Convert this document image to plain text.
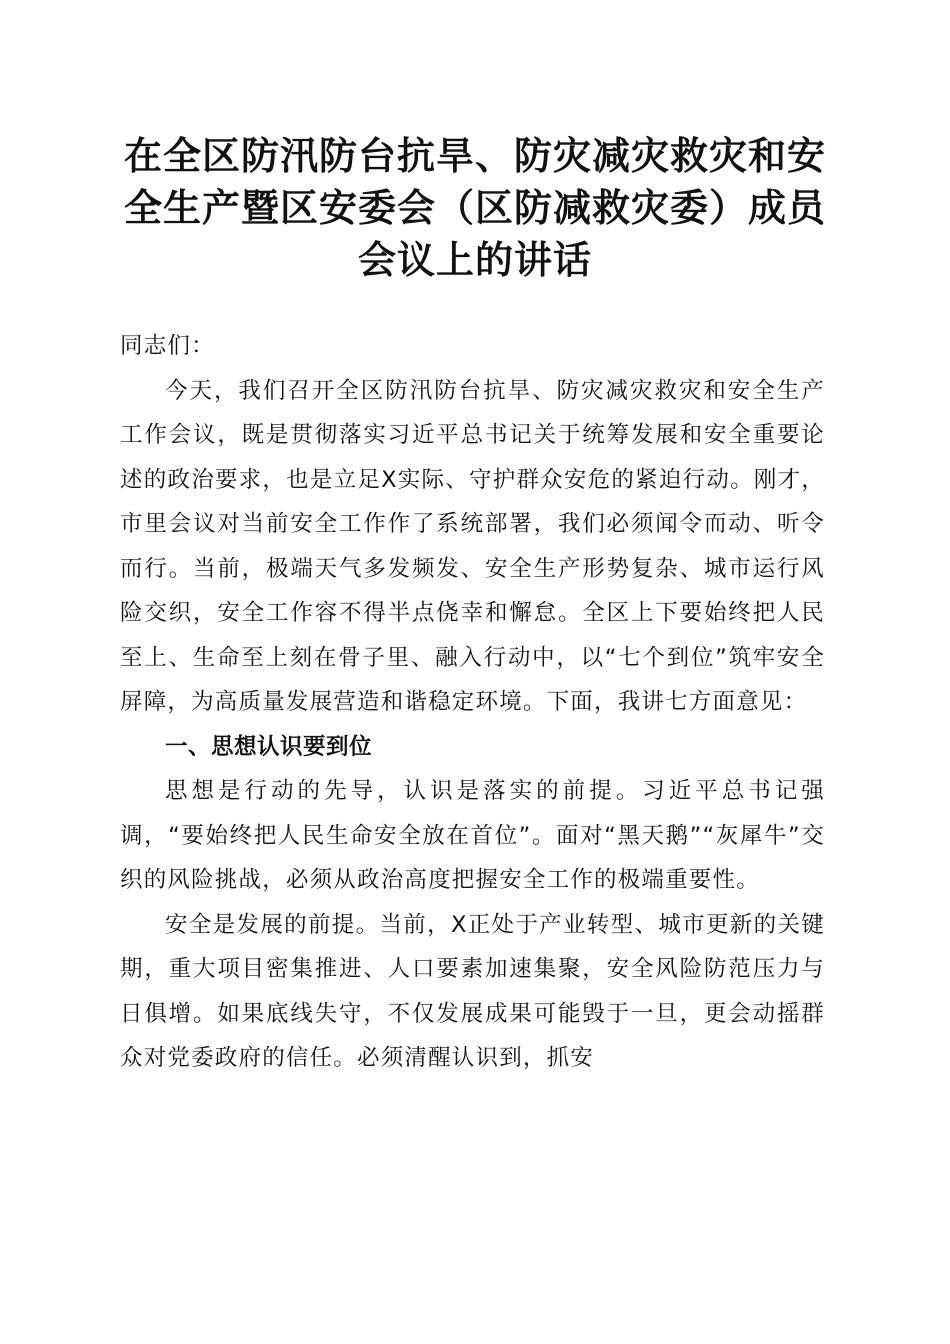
在全区防汛防台抗旱、防灾减灾救灾和安全生产暨区安委会（区防减救灾委）成员会议上的讲话

同志们：

今天，我们召开全区防汛防台抗旱、防灾减灾救灾和安全生产工作会议，既是贯彻落实习近平总书记关于统筹发展和安全重要论述的政治要求，也是立足X实际、守护群众安危的紧迫行动。刚才，市里会议对当前安全工作作了系统部署，我们必须闻令而动、听令而行。当前，极端天气多发频发、安全生产形势复杂、城市运行风险交织，安全工作容不得半点侥幸和懈怠。全区上下要始终把人民至上、生命至上刻在骨子里、融入行动中，以“七个到位”筑牢安全屏障，为高质量发展营造和谐稳定环境。下面，我讲七方面意见：

一、思想认识要到位

思想是行动的先导，认识是落实的前提。习近平总书记强调，“要始终把人民生命安全放在首位”。面对“黑天鹅”“灰犀牛”交织的风险挑战，必须从政治高度把握安全工作的极端重要性。

安全是发展的前提。当前，X正处于产业转型、城市更新的关键期，重大项目密集推进、人口要素加速集聚，安全风险防范压力与日俱增。如果底线失守，不仅发展成果可能毁于一旦，更会动摇群众对党委政府的信任。必须清醒认识到，抓安
